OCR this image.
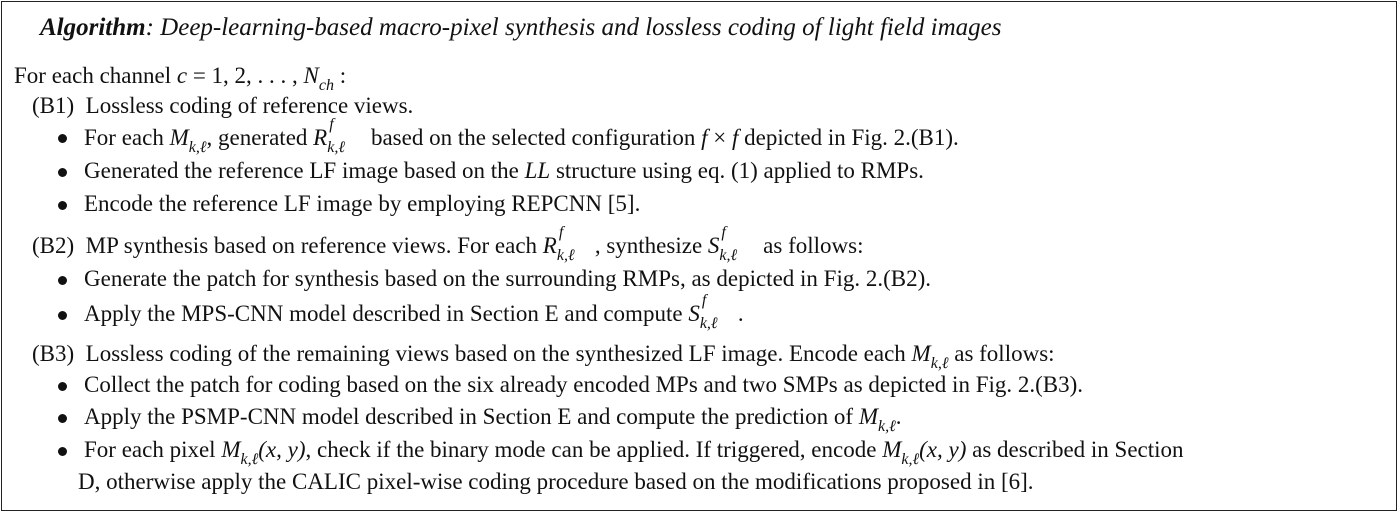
Algorithm: Deep-learning-based macro-pixel synthesis and lossless coding of light field images
For each channel c = 1, 2, . . . , $N_{ch}$ :
(B1) Lossless coding of reference views.
For each $M_{k,\ell}$, generated R
f
k,ℓ based on the selected configuration f × f depicted in Fig. 2.(B1).
Generated the reference LF image based on the LL structure using eq. (1) applied to RMPs.
Encode the reference LF image by employing REPCNN [5].
(B2) MP synthesis based on reference views. For each R
f
k,ℓ , synthesize S
f
k,ℓ as follows:
Generate the patch for synthesis based on the surrounding RMPs, as depicted in Fig. 2.(B2).
Apply the MPS-CNN model described in Section E and compute S
f
k,ℓ .
(B3) Lossless coding of the remaining views based on the synthesized LF image. Encode each $M_{k,\ell}$ as follows:
Collect the patch for coding based on the six already encoded MPs and two SMPs as depicted in Fig. 2.(B3).
Apply the PSMP-CNN model described in Section E and compute the prediction of $M_{k,\ell}$.
For each pixel $M_{k,\ell}(x$, y), check if the binary mode can be applied. If triggered, encode $M_{k,\ell}(x$, y) as described in Section
D, otherwise apply the CALIC pixel-wise coding procedure based on the modifications proposed in [6].
